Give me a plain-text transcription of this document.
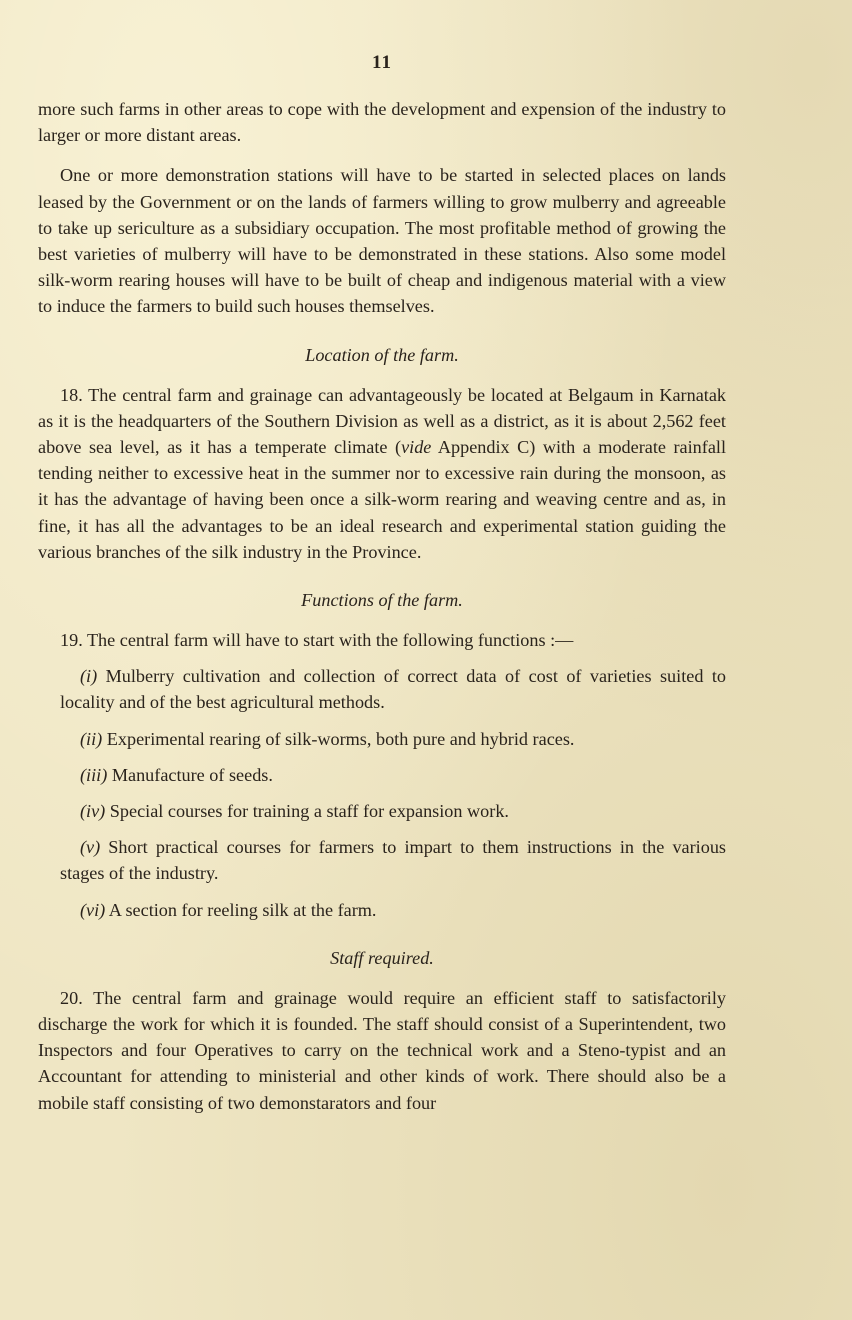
11

more such farms in other areas to cope with the development and expension of the industry to larger or more distant areas.

One or more demonstration stations will have to be started in selected places on lands leased by the Government or on the lands of farmers willing to grow mulberry and agreeable to take up sericulture as a subsidiary occupation. The most profitable method of growing the best varieties of mulberry will have to be demonstrated in these stations. Also some model silk-worm rearing houses will have to be built of cheap and indigenous material with a view to induce the farmers to build such houses themselves.

Location of the farm.

18. The central farm and grainage can advantageously be located at Belgaum in Karnatak as it is the headquarters of the Southern Division as well as a district, as it is about 2,562 feet above sea level, as it has a temperate climate (vide Appendix C) with a moderate rainfall tending neither to excessive heat in the summer nor to excessive rain during the monsoon, as it has the advantage of having been once a silk-worm rearing and weaving centre and as, in fine, it has all the advantages to be an ideal research and experimental station guiding the various branches of the silk industry in the Province.

Functions of the farm.

19. The central farm will have to start with the following functions :—

(i) Mulberry cultivation and collection of correct data of cost of varieties suited to locality and of the best agricultural methods.

(ii) Experimental rearing of silk-worms, both pure and hybrid races.

(iii) Manufacture of seeds.

(iv) Special courses for training a staff for expansion work.

(v) Short practical courses for farmers to impart to them instructions in the various stages of the industry.

(vi) A section for reeling silk at the farm.

Staff required.

20. The central farm and grainage would require an efficient staff to satisfactorily discharge the work for which it is founded. The staff should consist of a Superintendent, two Inspectors and four Operatives to carry on the technical work and a Steno-typist and an Accountant for attending to ministerial and other kinds of work. There should also be a mobile staff consisting of two demonstarators and four
